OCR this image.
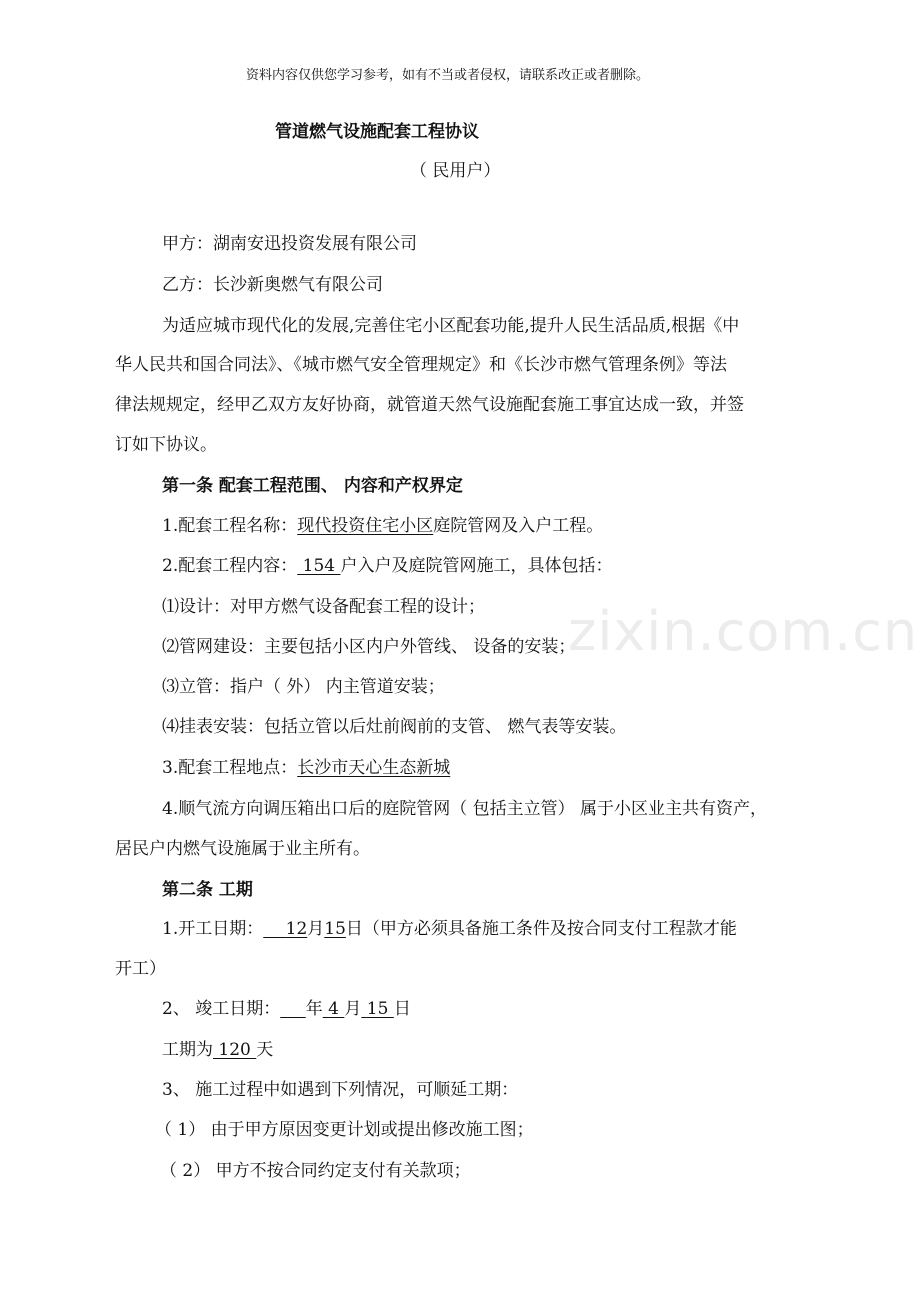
zixin.com.cn
资料内容仅供您学习参考，如有不当或者侵权，请联系改正或者删除。
管道燃气设施配套工程协议
（ 民用户）
甲方：湖南安迅投资发展有限公司
乙方：长沙新奥燃气有限公司
为适应城市现代化的发展,完善住宅小区配套功能,提升人民生活品质,根据《中
华人民共和国合同法》、《城市燃气安全管理规定》和《长沙市燃气管理条例》等法
律法规规定，经甲乙双方友好协商，就管道天然气设施配套施工事宜达成一致，并签
订如下协议。
第一条 配套工程范围、 内容和产权界定
1.配套工程名称：现代投资住宅小区庭院管网及入户工程。
2.配套工程内容： 154 户入户及庭院管网施工，具体包括：
⑴设计：对甲方燃气设备配套工程的设计；
⑵管网建设：主要包括小区内户外管线、 设备的安装；
⑶立管：指户（ 外） 内主管道安装；
⑷挂表安装：包括立管以后灶前阀前的支管、 燃气表等安装。
3.配套工程地点：长沙市天心生态新城
4.顺气流方向调压箱出口后的庭院管网（ 包括主立管） 属于小区业主共有资产，
居民户内燃气设施属于业主所有。
第二条 工期
1.开工日期：  12月15日（甲方必须具备施工条件及按合同支付工程款才能
开工）
2、 竣工日期：   年 4 月 15 日
工期为 120 天
3、 施工过程中如遇到下列情况，可顺延工期：
（ 1） 由于甲方原因变更计划或提出修改施工图；
（ 2） 甲方不按合同约定支付有关款项；
